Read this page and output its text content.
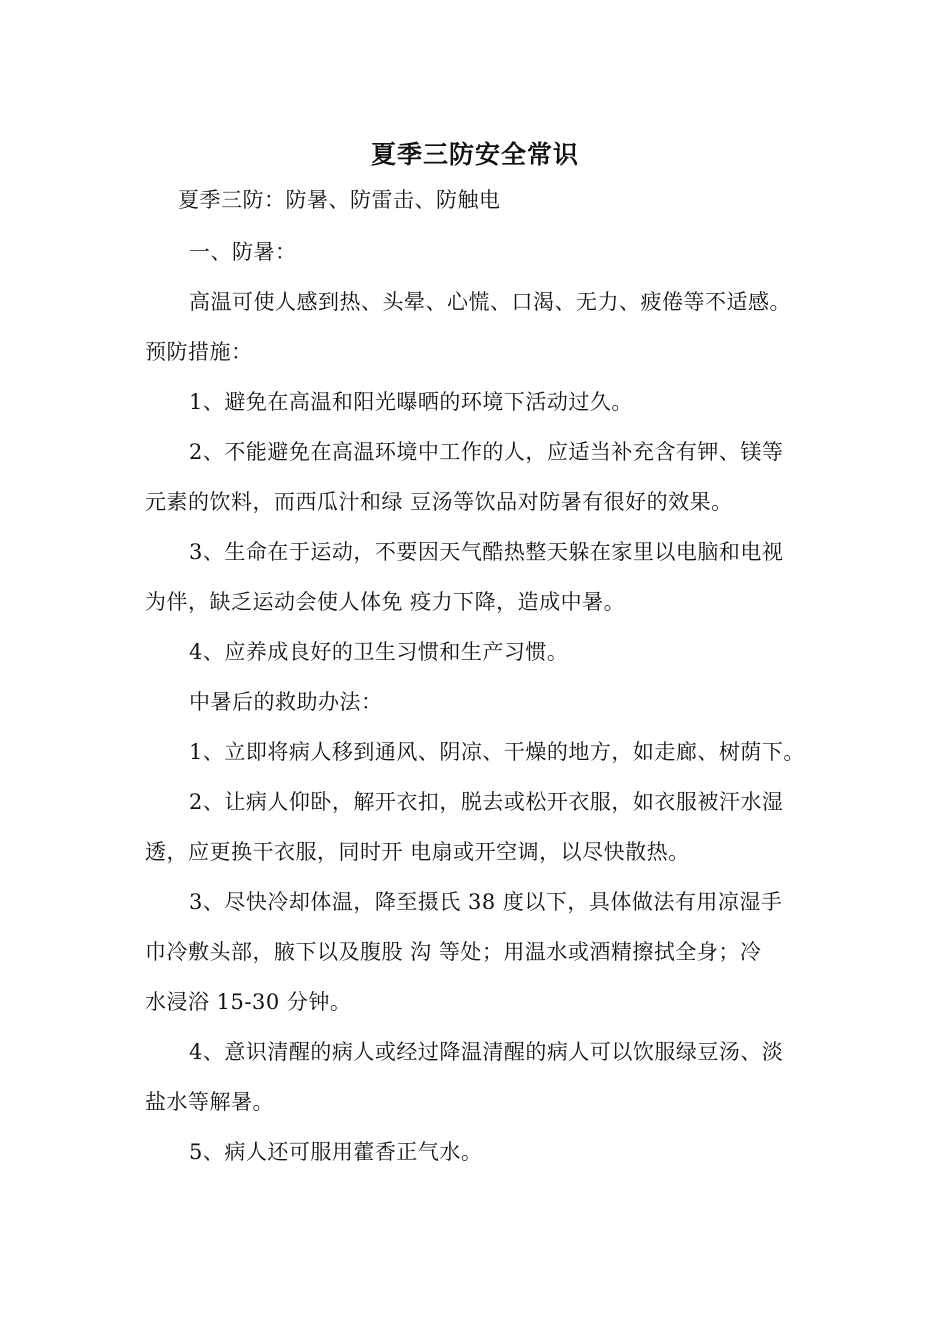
夏季三防安全常识
夏季三防：防暑、防雷击、防触电
一、防暑：
高温可使人感到热、头晕、心慌、口渴、无力、疲倦等不适感。
预防措施：
1、避免在高温和阳光曝晒的环境下活动过久。
2、不能避免在高温环境中工作的人，应适当补充含有钾、镁等
元素的饮料，而西瓜汁和绿 豆汤等饮品对防暑有很好的效果。
3、生命在于运动，不要因天气酷热整天躲在家里以电脑和电视
为伴，缺乏运动会使人体免 疫力下降，造成中暑。
4、应养成良好的卫生习惯和生产习惯。
中暑后的救助办法：
1、立即将病人移到通风、阴凉、干燥的地方，如走廊、树荫下。
2、让病人仰卧，解开衣扣，脱去或松开衣服，如衣服被汗水湿
透，应更换干衣服，同时开 电扇或开空调，以尽快散热。
3、尽快冷却体温，降至摄氏 38 度以下，具体做法有用凉湿手
巾冷敷头部，腋下以及腹股 沟 等处；用温水或酒精擦拭全身；冷
水浸浴 15-30 分钟。
4、意识清醒的病人或经过降温清醒的病人可以饮服绿豆汤、淡
盐水等解暑。
5、病人还可服用藿香正气水。
